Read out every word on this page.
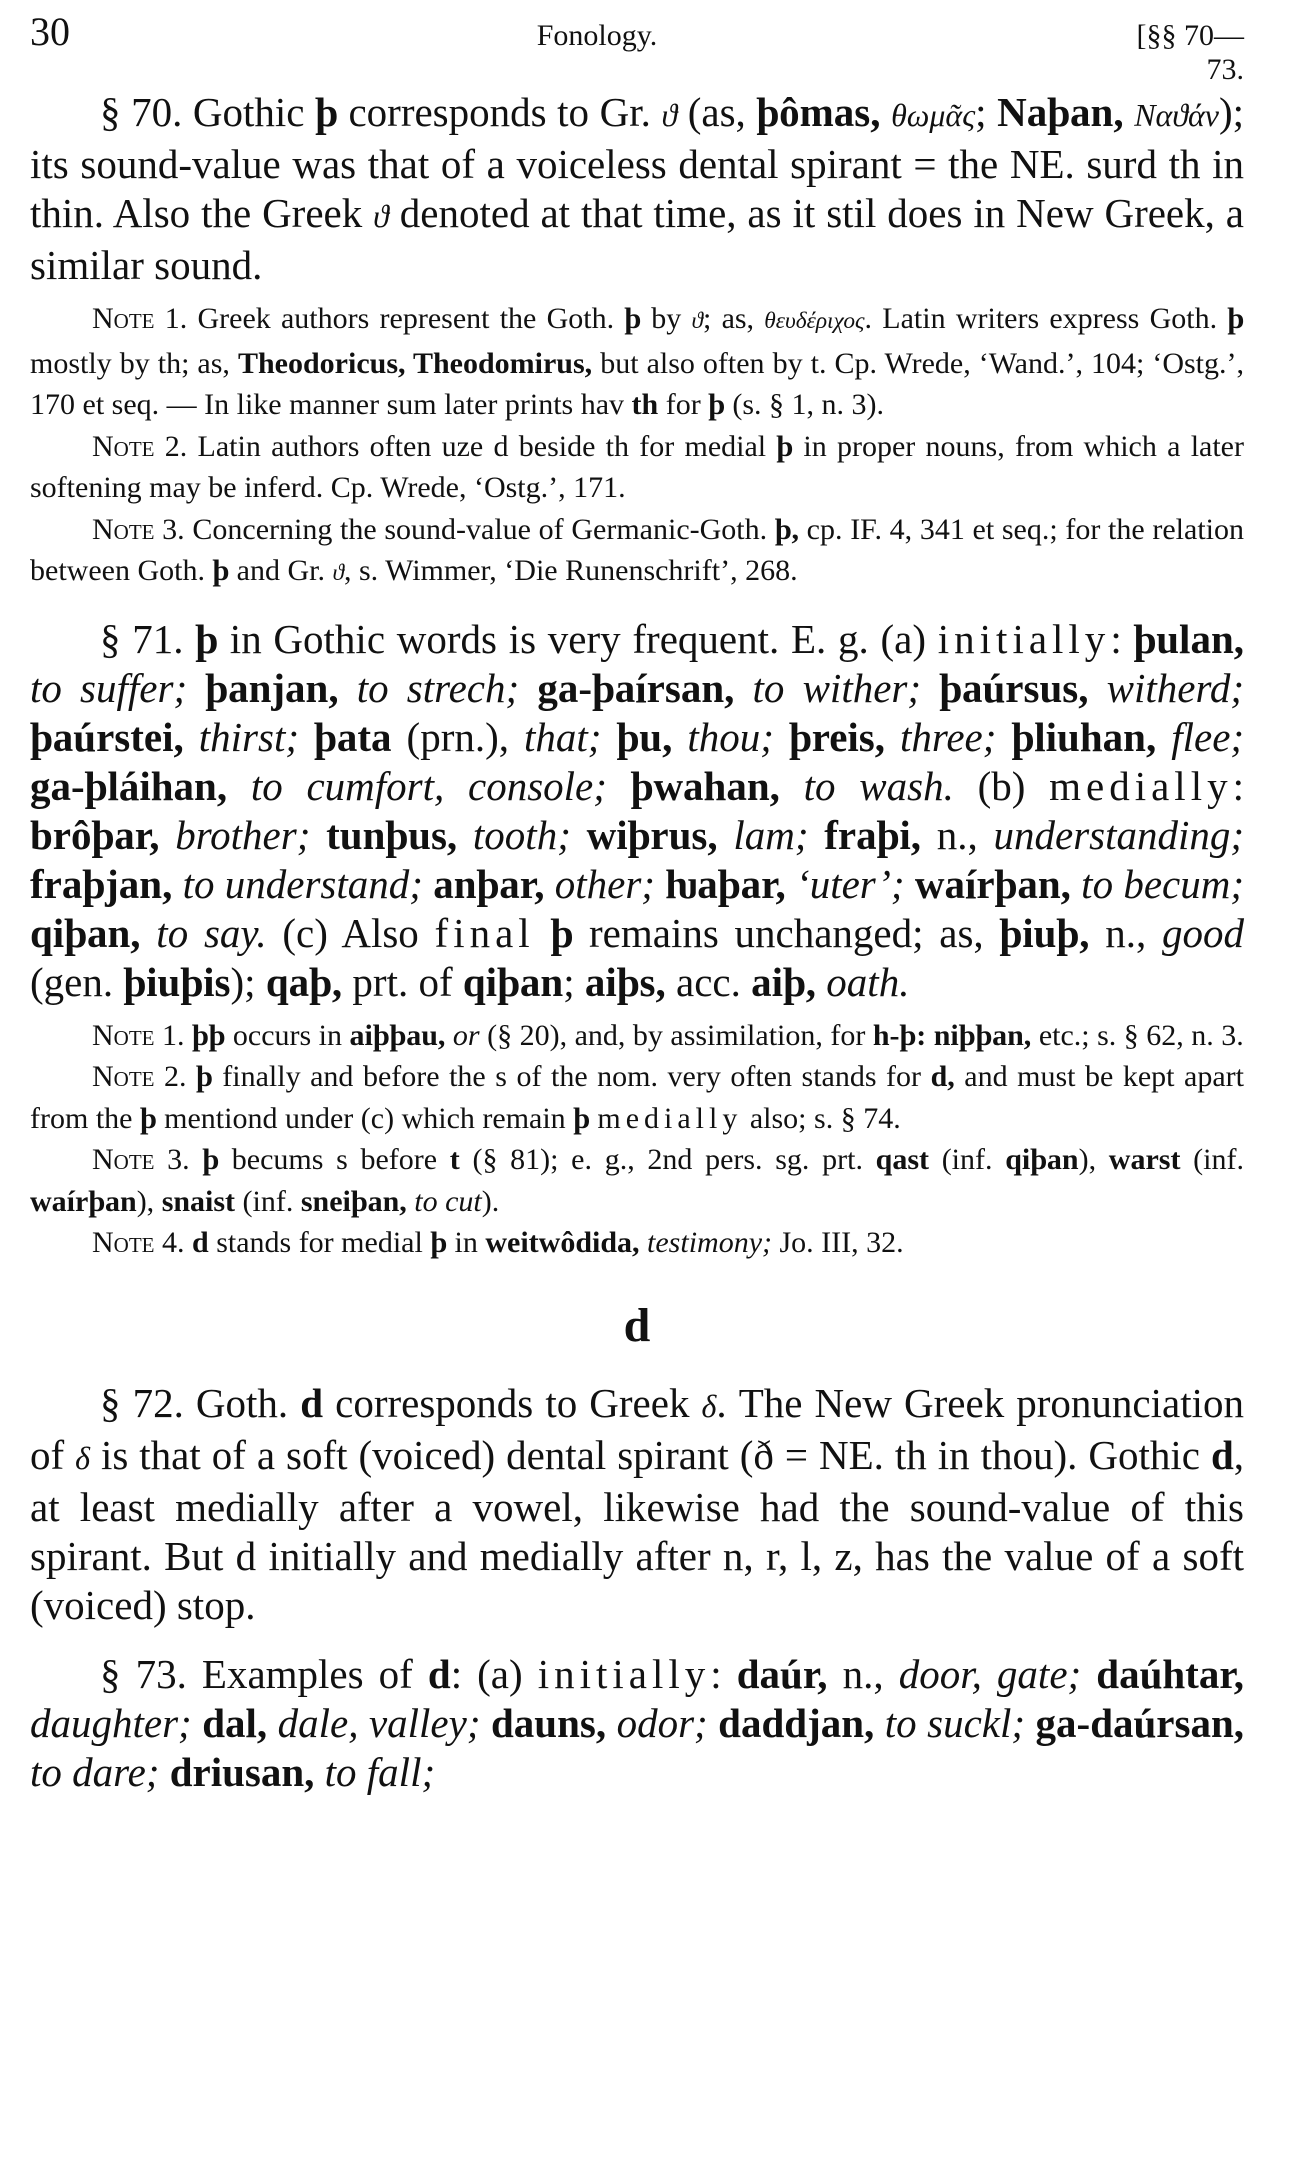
30	Fonology.	[§§ 70—73.

§ 70. Gothic þ corresponds to Gr. ϑ (as, þômas, θωμᾶς; Naþan, Ναϑάν); its sound-value was that of a voiceless dental spirant = the NE. surd th in thin. Also the Greek ϑ denoted at that time, as it stil does in New Greek, a similar sound.

Note 1. Greek authors represent the Goth. þ by ϑ; as, θευδέριχος. Latin writers express Goth. þ mostly by th; as, Theodoricus, Theodomirus, but also often by t. Cp. Wrede, ‘Wand.’, 104; ‘Ostg.’, 170 et seq. — In like manner sum later prints hav th for þ (s. § 1, n. 3).

Note 2. Latin authors often uze d beside th for medial þ in proper nouns, from which a later softening may be inferd. Cp. Wrede, ‘Ostg.’, 171.

Note 3. Concerning the sound-value of Germanic-Goth. þ, cp. IF. 4, 341 et seq.; for the relation between Goth. þ and Gr. ϑ, s. Wimmer, ‘Die Runenschrift’, 268.

§ 71. þ in Gothic words is very frequent. E. g. (a) initially: þulan, to suffer; þanjan, to strech; ga-þaírsan, to wither; þaúrsus, witherd; þaúrstei, thirst; þata (prn.), that; þu, thou; þreis, three; þliuhan, flee; ga-þláihan, to cumfort, console; þwahan, to wash. (b) medially: brôþar, brother; tunþus, tooth; wiþrus, lam; fraþi, n., understanding; fraþjan, to understand; anþar, other; ƕaþar, ‘uter’; waírþan, to becum; qiþan, to say. (c) Also final þ remains unchanged; as, þiuþ, n., good (gen. þiuþis); qaþ, prt. of qiþan; aiþs, acc. aiþ, oath.

Note 1. þþ occurs in aiþþau, or (§ 20), and, by assimilation, for h-þ: niþþan, etc.; s. § 62, n. 3.

Note 2. þ finally and before the s of the nom. very often stands for d, and must be kept apart from the þ mentiond under (c) which remain þ medially also; s. § 74.

Note 3. þ becums s before t (§ 81); e. g., 2nd pers. sg. prt. qast (inf. qiþan), warst (inf. waírþan), snaist (inf. sneiþan, to cut).

Note 4. d stands for medial þ in weitwôdida, testimony; Jo. III, 32.

d

§ 72. Goth. d corresponds to Greek δ. The New Greek pronunciation of δ is that of a soft (voiced) dental spirant (ð = NE. th in thou). Gothic d, at least medially after a vowel, likewise had the sound-value of this spirant. But d initially and medially after n, r, l, z, has the value of a soft (voiced) stop.

§ 73. Examples of d: (a) initially: daúr, n., door, gate; daúhtar, daughter; dal, dale, valley; dauns, odor; daddjan, to suckl; ga-daúrsan, to dare; driusan, to fall;
